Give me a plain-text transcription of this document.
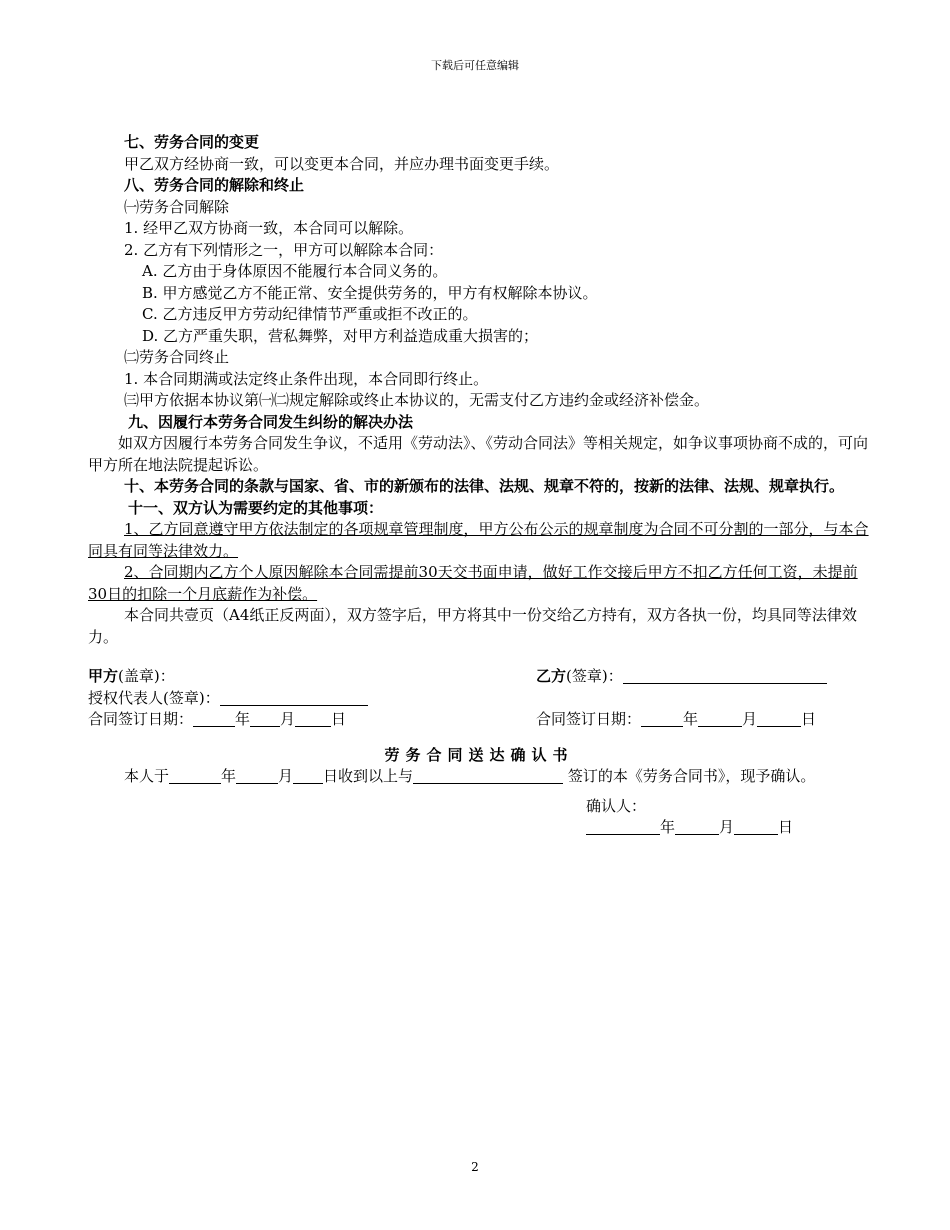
下载后可任意编辑

七、劳务合同的变更

甲乙双方经协商一致，可以变更本合同，并应办理书面变更手续。

八、劳务合同的解除和终止

㈠劳务合同解除

1. 经甲乙双方协商一致，本合同可以解除。

2. 乙方有下列情形之一，甲方可以解除本合同：

A. 乙方由于身体原因不能履行本合同义务的。

B. 甲方感觉乙方不能正常、安全提供劳务的，甲方有权解除本协议。

C. 乙方违反甲方劳动纪律情节严重或拒不改正的。

D. 乙方严重失职，营私舞弊，对甲方利益造成重大损害的；

㈡劳务合同终止

1. 本合同期满或法定终止条件出现，本合同即行终止。

㈢甲方依据本协议第㈠㈡规定解除或终止本协议的，无需支付乙方违约金或经济补偿金。

九、因履行本劳务合同发生纠纷的解决办法

如双方因履行本劳务合同发生争议，不适用《劳动法》、《劳动合同法》等相关规定，如争议事项协商不成的，可向甲方所在地法院提起诉讼。

十、本劳务合同的条款与国家、省、市的新颁布的法律、法规、规章不符的，按新的法律、法规、规章执行。

十一、双方认为需要约定的其他事项：

1、乙方同意遵守甲方依法制定的各项规章管理制度，甲方公布公示的规章制度为合同不可分割的一部分，与本合同具有同等法律效力。

2、合同期内乙方个人原因解除本合同需提前30天交书面申请，做好工作交接后甲方不扣乙方任何工资，未提前30日的扣除一个月底薪作为补偿。

本合同共壹页（A4纸正反两面），双方签字后，甲方将其中一份交给乙方持有，双方各执一份，均具同等法律效力。

甲方(盖章)：	乙方(签章)：
授权代表人(签章)：
合同签订日期：	年 月 日	合同签订日期：	年	月	日

劳务合同送达确认书

本人于	年	月 日收到以上与	签订的本《劳务合同书》，现予确认。

确认人：

年	月	日

2
